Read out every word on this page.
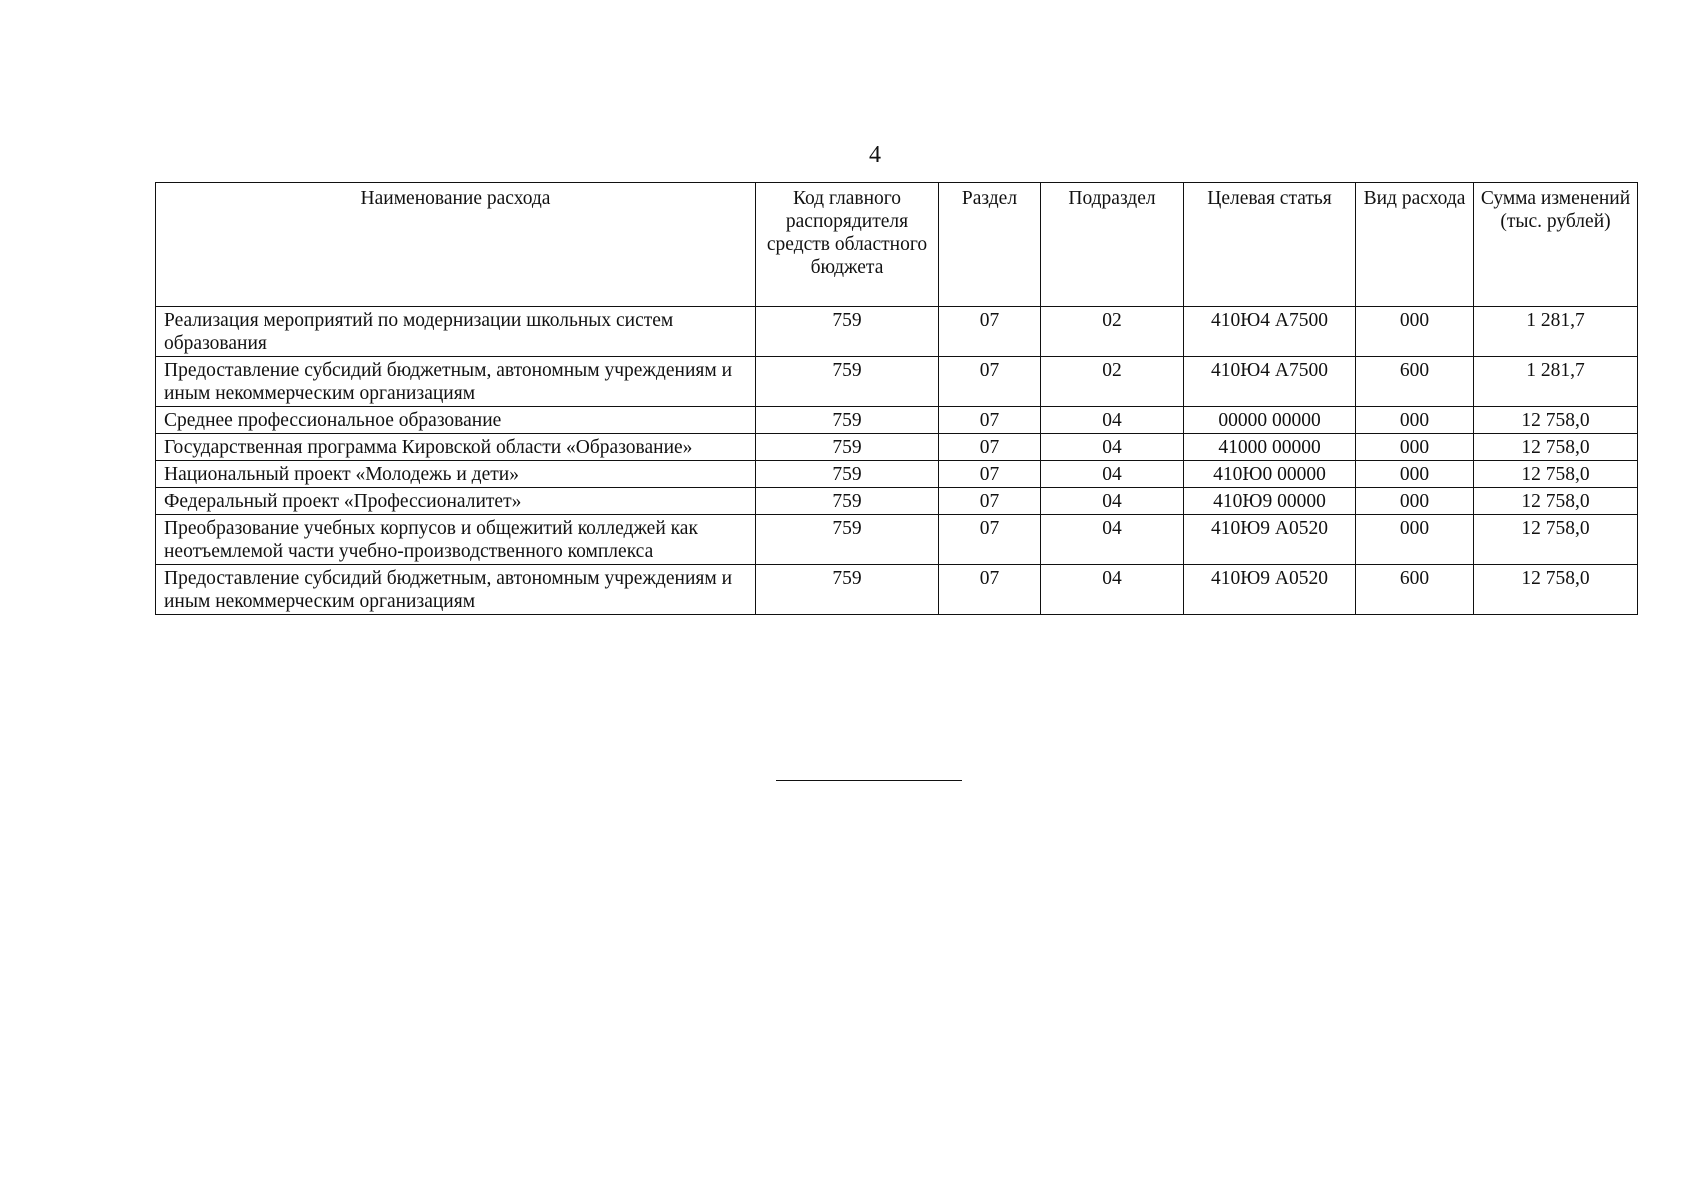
4
Наименование расхода	Код главного распорядителя средств областного бюджета	Раздел	Подраздел	Целевая статья	Вид расхода	Сумма изменений (тыс. рублей)
Реализация мероприятий по модернизации школьных систем образования	759	07	02	410Ю4 А7500	000	1 281,7
Предоставление субсидий бюджетным, автономным учреждениям и иным некоммерческим организациям	759	07	02	410Ю4 А7500	600	1 281,7
Среднее профессиональное образование	759	07	04	00000 00000	000	12 758,0
Государственная программа Кировской области «Образование»	759	07	04	41000 00000	000	12 758,0
Национальный проект «Молодежь и дети»	759	07	04	410Ю0 00000	000	12 758,0
Федеральный проект «Профессионалитет»	759	07	04	410Ю9 00000	000	12 758,0
Преобразование учебных корпусов и общежитий колледжей как неотъемлемой части учебно-производственного комплекса	759	07	04	410Ю9 А0520	000	12 758,0
Предоставление субсидий бюджетным, автономным учреждениям и иным некоммерческим организациям	759	07	04	410Ю9 А0520	600	12 758,0
